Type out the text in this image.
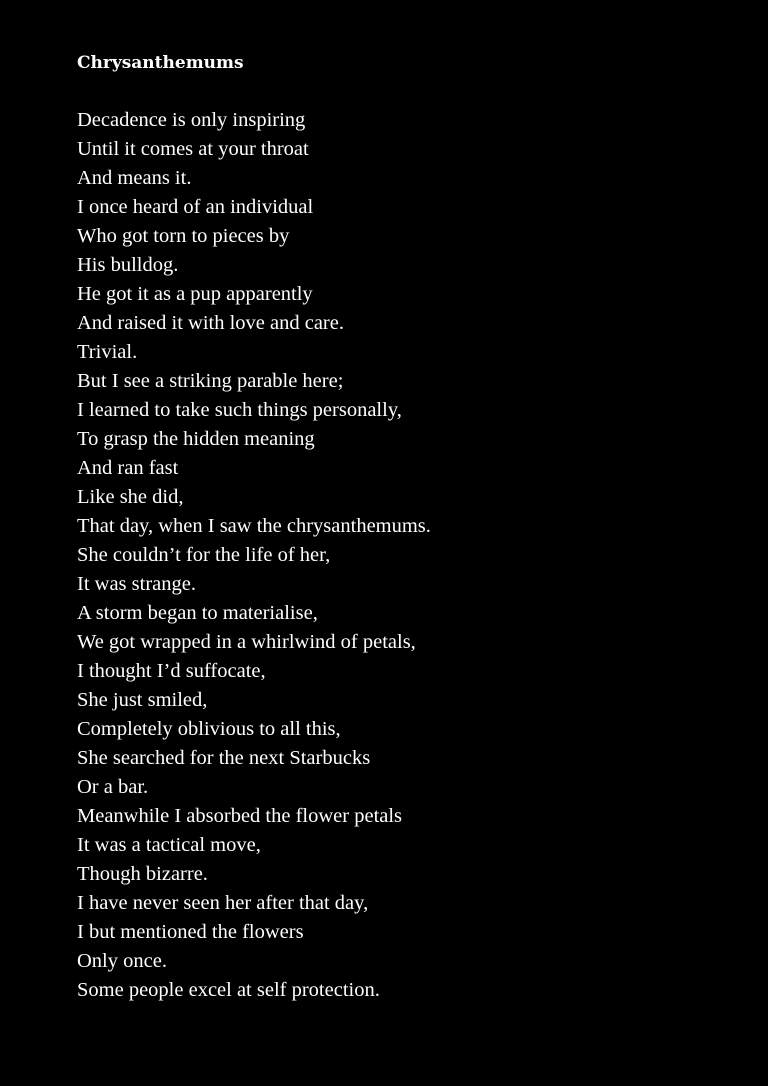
Chrysanthemums
Decadence is only inspiring
Until it comes at your throat
And means it.
I once heard of an individual
Who got torn to pieces by
His bulldog.
He got it as a pup apparently
And raised it with love and care.
Trivial.
But I see a striking parable here;
I learned to take such things personally,
To grasp the hidden meaning
And ran fast
Like she did,
That day, when I saw the chrysanthemums.
She couldn’t for the life of her,
It was strange.
A storm began to materialise,
We got wrapped in a whirlwind of petals,
I thought I’d suffocate,
She just smiled,
Completely oblivious to all this,
She searched for the next Starbucks
Or a bar.
Meanwhile I absorbed the flower petals
It was a tactical move,
Though bizarre.
I have never seen her after that day,
I but mentioned the flowers
Only once.
Some people excel at self protection.
